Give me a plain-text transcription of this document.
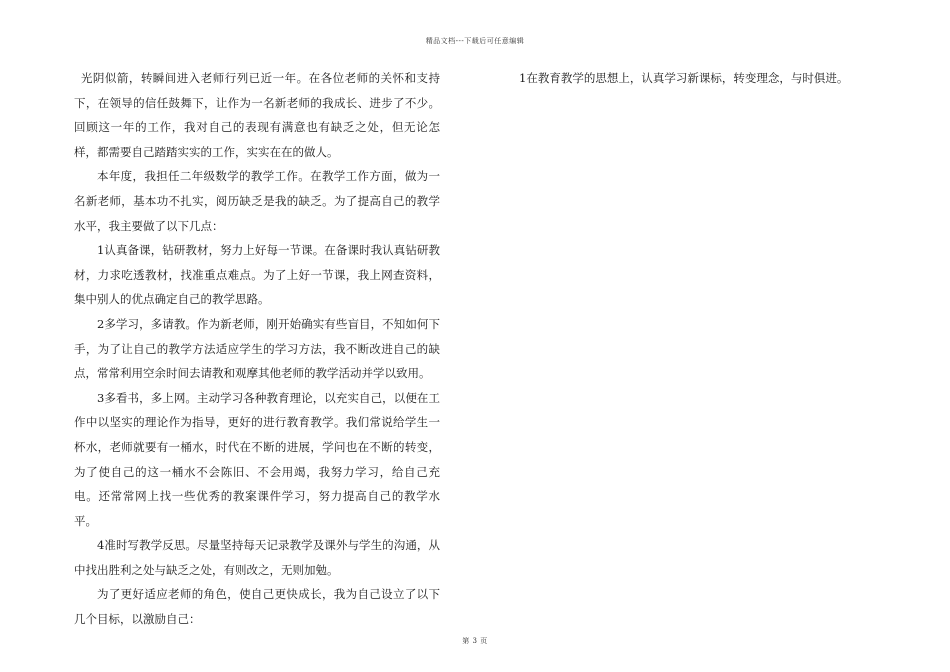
精品文档---下载后可任意编辑

光阴似箭，转瞬间进入老师行列已近一年。在各位老师的关怀和支持下，在领导的信任鼓舞下，让作为一名新老师的我成长、进步了不少。回顾这一年的工作，我对自己的表现有满意也有缺乏之处，但无论怎样，都需要自己踏踏实实的工作，实实在在的做人。

本年度，我担任二年级数学的教学工作。在教学工作方面，做为一名新老师，基本功不扎实，阅历缺乏是我的缺乏。为了提高自己的教学水平，我主要做了以下几点：

1认真备课，钻研教材，努力上好每一节课。在备课时我认真钻研教材，力求吃透教材，找准重点难点。为了上好一节课，我上网查资料，集中别人的优点确定自己的教学思路。

2多学习，多请教。作为新老师，刚开始确实有些盲目，不知如何下手，为了让自己的教学方法适应学生的学习方法，我不断改进自己的缺点，常常利用空余时间去请教和观摩其他老师的教学活动并学以致用。

3多看书，多上网。主动学习各种教育理论，以充实自己，以便在工作中以坚实的理论作为指导，更好的进行教育教学。我们常说给学生一杯水，老师就要有一桶水，时代在不断的进展，学问也在不断的转变，为了使自己的这一桶水不会陈旧、不会用竭，我努力学习，给自己充电。还常常网上找一些优秀的教案课件学习，努力提高自己的教学水平。

4准时写教学反思。尽量坚持每天记录教学及课外与学生的沟通，从中找出胜利之处与缺乏之处，有则改之，无则加勉。

为了更好适应老师的角色，使自己更快成长，我为自己设立了以下几个目标，以激励自己：

1在教育教学的思想上，认真学习新课标，转变理念，与时俱进。

第 3 页
